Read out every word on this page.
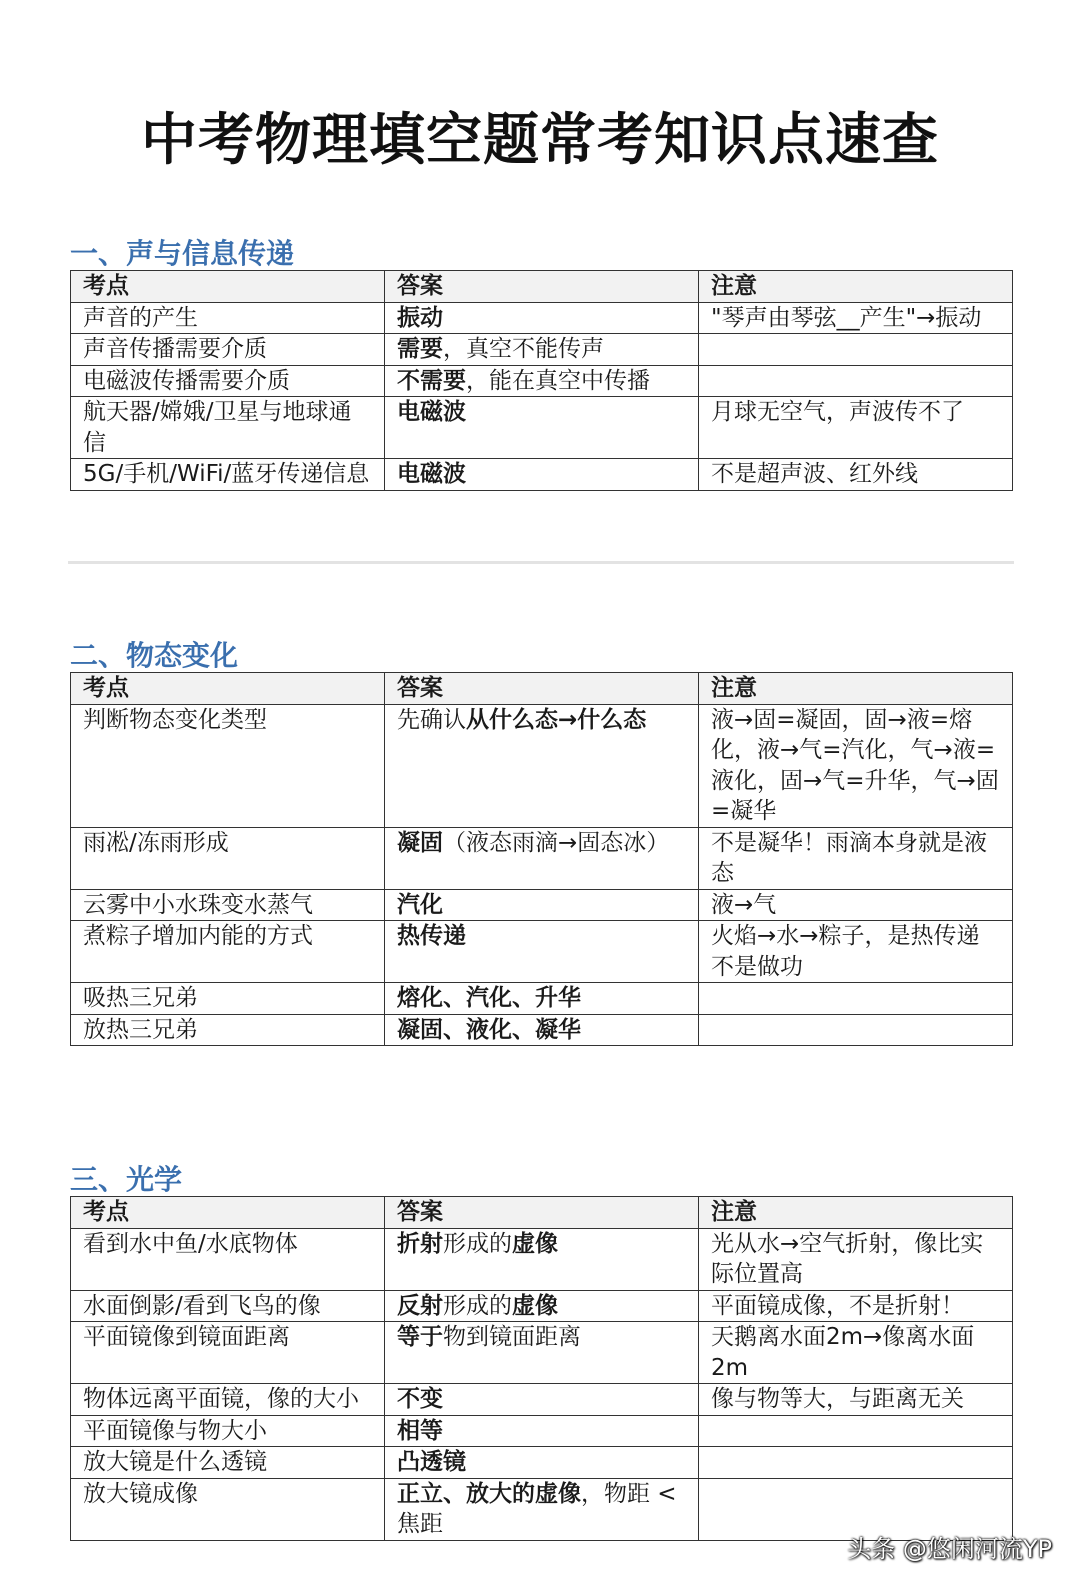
中考物理填空题常考知识点速查
一、声与信息传递
考点	答案	注意
声音的产生	振动	"琴声由琴弦__产生"→振动
声音传播需要介质	需要，真空不能传声	
电磁波传播需要介质	不需要，能在真空中传播	
航天器/嫦娥/卫星与地球通信	电磁波	月球无空气，声波传不了
5G/手机/WiFi/蓝牙传递信息	电磁波	不是超声波、红外线
二、物态变化
考点	答案	注意
判断物态变化类型	先确认从什么态→什么态	液→固=凝固，固→液=熔化，液→气=汽化，气→液=液化，固→气=升华，气→固=凝华
雨凇/冻雨形成	凝固（液态雨滴→固态冰）	不是凝华！雨滴本身就是液态
云雾中小水珠变水蒸气	汽化	液→气
煮粽子增加内能的方式	热传递	火焰→水→粽子，是热传递不是做功
吸热三兄弟	熔化、汽化、升华	
放热三兄弟	凝固、液化、凝华	
三、光学
考点	答案	注意
看到水中鱼/水底物体	折射形成的虚像	光从水→空气折射，像比实际位置高
水面倒影/看到飞鸟的像	反射形成的虚像	平面镜成像，不是折射！
平面镜像到镜面距离	等于物到镜面距离	天鹅离水面2m→像离水面2m
物体远离平面镜，像的大小	不变	像与物等大，与距离无关
平面镜像与物大小	相等	
放大镜是什么透镜	凸透镜	
放大镜成像	正立、放大的虚像，物距 < 焦距	
头条 @悠闲河流YP
